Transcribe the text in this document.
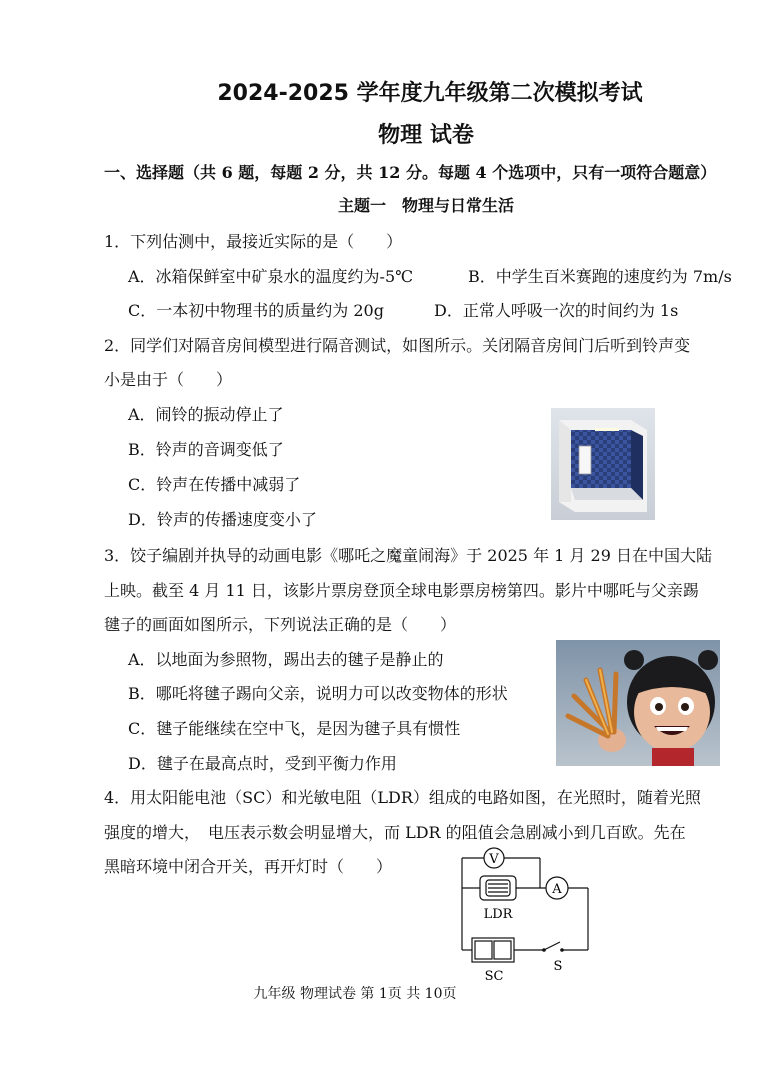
2024-2025 学年度九年级第二次模拟考试
物理 试卷
一、选择题（共 6 题，每题 2 分，共 12 分。每题 4 个选项中，只有一项符合题意）
主题一　物理与日常生活
1．下列估测中，最接近实际的是（　　）
A．冰箱保鲜室中矿泉水的温度约为-5℃	B．中学生百米赛跑的速度约为 7m/s
C．一本初中物理书的质量约为 20g	D．正常人呼吸一次的时间约为 1s
2．同学们对隔音房间模型进行隔音测试，如图所示。关闭隔音房间门后听到铃声变
小是由于（　　）
A．闹铃的振动停止了
B．铃声的音调变低了
C．铃声在传播中减弱了
D．铃声的传播速度变小了
3．饺子编剧并执导的动画电影《哪吒之魔童闹海》于 2025 年 1 月 29 日在中国大陆
上映。截至 4 月 11 日，该影片票房登顶全球电影票房榜第四。影片中哪吒与父亲踢
毽子的画面如图所示，下列说法正确的是（　　）
A．以地面为参照物，踢出去的毽子是静止的
B．哪吒将毽子踢向父亲，说明力可以改变物体的形状
C．毽子能继续在空中飞，是因为毽子具有惯性
D．毽子在最高点时，受到平衡力作用
4．用太阳能电池（SC）和光敏电阻（LDR）组成的电路如图，在光照时，随着光照
强度的增大，　电压表示数会明显增大，而 LDR 的阻值会急剧减小到几百欧。先在
黑暗环境中闭合开关，再开灯时（　　）	V
A
LDR
SC
S
九年级 物理试卷 第 1页 共 10页
